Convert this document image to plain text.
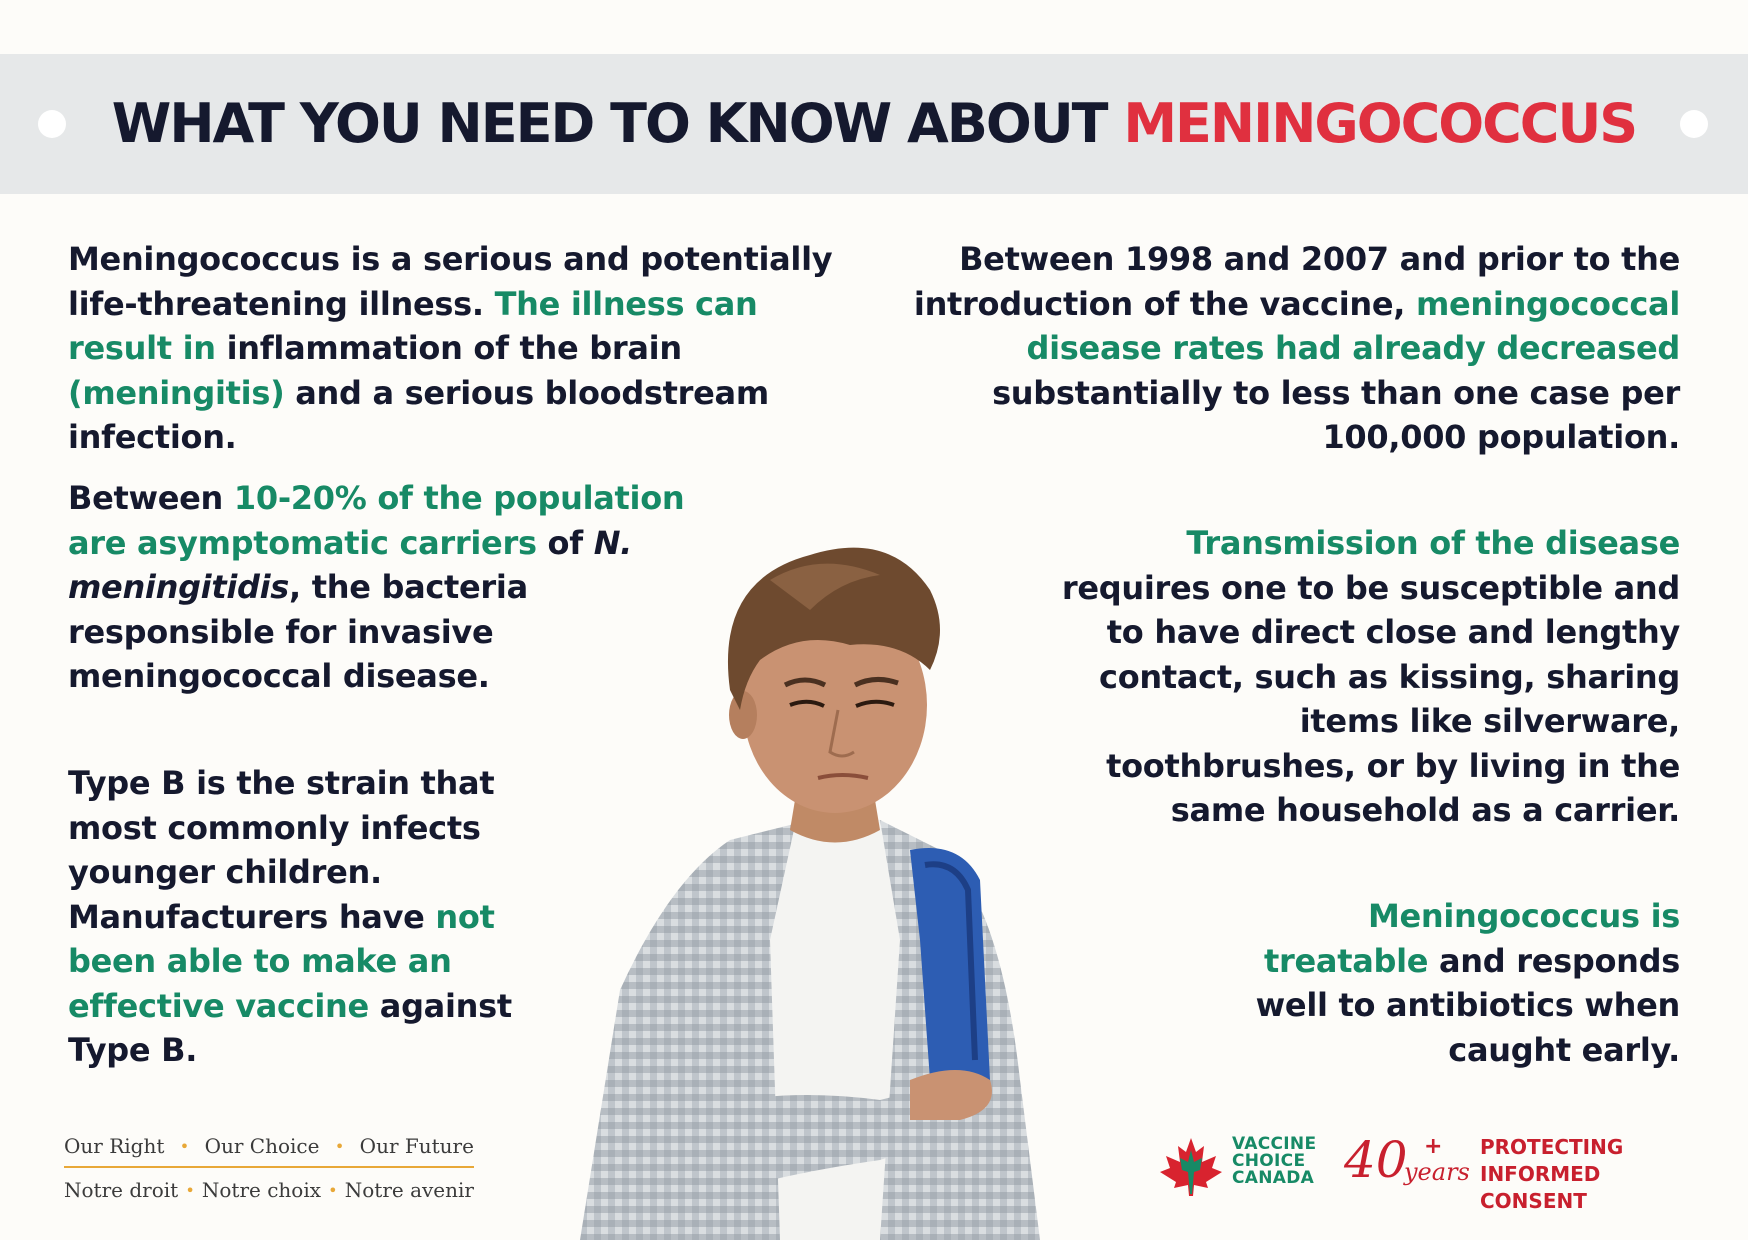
WHAT YOU NEED TO KNOW ABOUT MENINGOCOCCUS
Meningococcus is a serious and potentially life-threatening illness. The illness can result in inflammation of the brain (meningitis) and a serious bloodstream infection.
Between 10-20% of the population are asymptomatic carriers of N. meningitidis, the bacteria responsible for invasive meningococcal disease.
Type B is the strain that most commonly infects younger children. Manufacturers have not been able to make an effective vaccine against Type B.
Between 1998 and 2007 and prior to the introduction of the vaccine, meningococcal disease rates had already decreased substantially to less than one case per 100,000 population.
Transmission of the disease requires one to be susceptible and to have direct close and lengthy contact, such as kissing, sharing items like silverware, toothbrushes, or by living in the same household as a carrier.
Meningococcus is treatable and responds well to antibiotics when caught early.
Our Right • Our Choice • Our Future
Notre droit • Notre choix • Notre avenir
VACCINE
CHOICE
CANADA 40 +
years
PROTECTING
INFORMED CONSENT
